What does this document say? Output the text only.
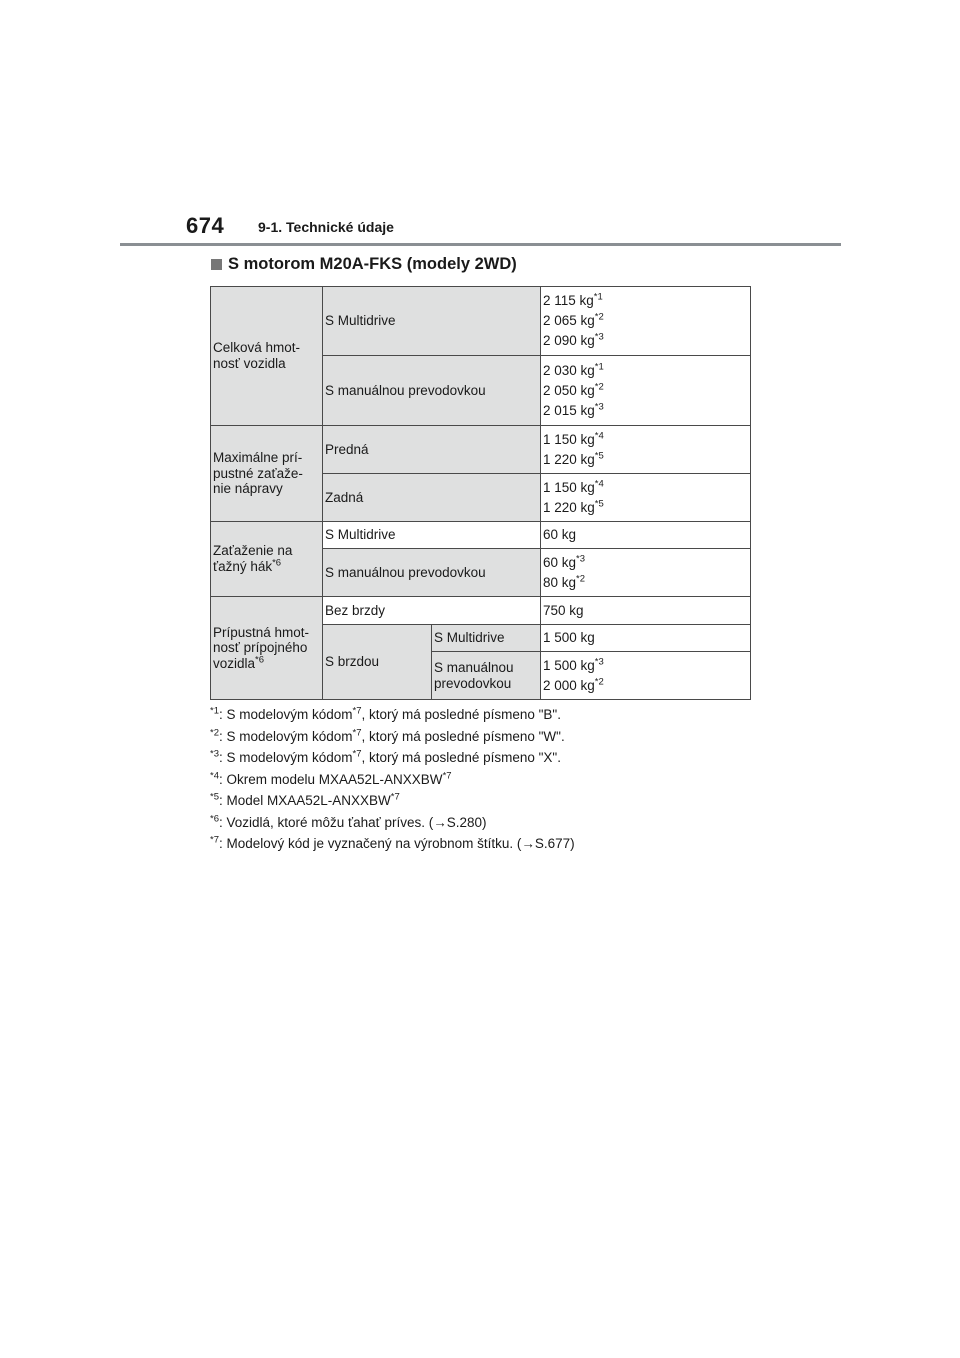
674 9-1. Technické údaje
S motorom M20A-FKS (modely 2WD)
Celková hmot-
nosť vozidla	S Multidrive		2 115 $kg^{*1}$
2 065 $kg^{*2}$
2 090 $kg^{*3}$

	S manuálnou prevodovkou		2 030 $kg^{*1}$
2 050 $kg^{*2}$
2 015 $kg^{*3}$

Maximálne prí-
pustné zaťaže-
nie nápravy	Predná		1 150 $kg^{*4}$
1 220 $kg^{*5}$

	Zadná		1 150 $kg^{*4}$
1 220 $kg^{*5}$

Zaťaženie na
ťažný hák$^{*6}$	S Multidrive		60 kg
	S manuálnou prevodovkou		60 $kg^{*3}$
80 $kg^{*2}$

Prípustná hmot-
nosť prípojného
vozidla$^{*6}$	Bez brzdy		750 kg
	S brzdou	S Multidrive	1 500 kg
		S manuálnou
prevodovkou	1 500 $kg^{*3}$
2 000 $kg^{*2}$
$^{*1}$: S modelovým kódom$^{*7}$, ktorý má posledné písmeno "B".
$^{*2}$: S modelovým kódom$^{*7}$, ktorý má posledné písmeno "W".
$^{*3}$: S modelovým kódom$^{*7}$, ktorý má posledné písmeno "X".
$^{*4}$: Okrem modelu MXAA52L-ANXXBW$^{*7}$
$^{*5}$: Model MXAA52L-ANXXBW$^{*7}$
$^{*6}$: Vozidlá, ktoré môžu ťahať príves. (→S.280)
$^{*7}$: Modelový kód je vyznačený na výrobnom štítku. (→S.677)
